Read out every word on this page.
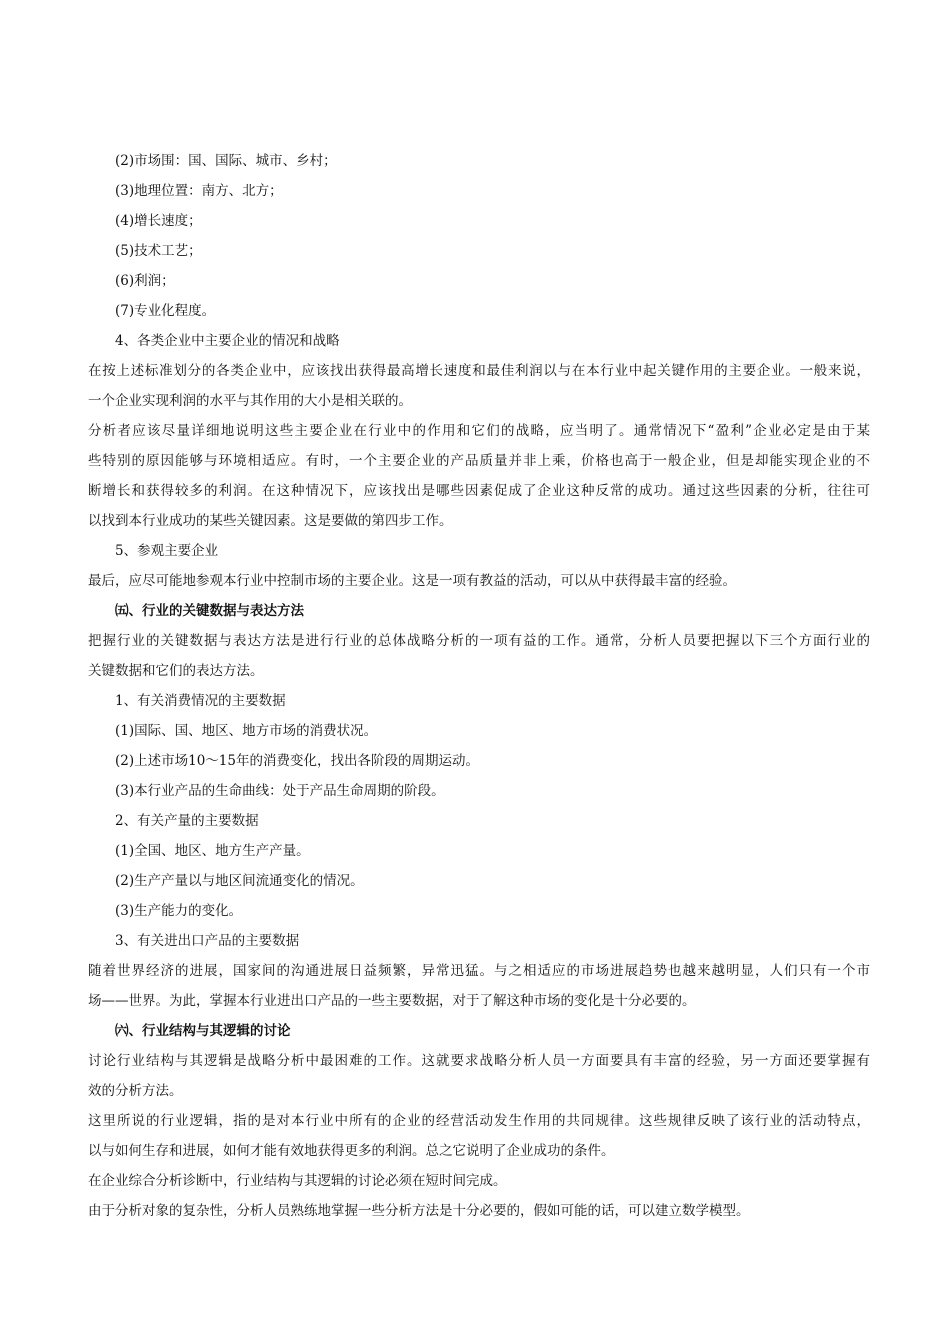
(2)市场围：国、国际、城市、乡村；
(3)地理位置：南方、北方；
(4)增长速度；
(5)技术工艺；
(6)利润；
(7)专业化程度。
4、各类企业中主要企业的情况和战略
在按上述标准划分的各类企业中，应该找出获得最高增长速度和最佳利润以与在本行业中起关键作用的主要企业。一般来说，
一个企业实现利润的水平与其作用的大小是相关联的。
分析者应该尽量详细地说明这些主要企业在行业中的作用和它们的战略，应当明了。通常情况下“盈利”企业必定是由于某
些特别的原因能够与环境相适应。有时，一个主要企业的产品质量并非上乘，价格也高于一般企业，但是却能实现企业的不
断增长和获得较多的利润。在这种情况下，应该找出是哪些因素促成了企业这种反常的成功。通过这些因素的分析，往往可
以找到本行业成功的某些关键因素。这是要做的第四步工作。
5、参观主要企业
最后，应尽可能地参观本行业中控制市场的主要企业。这是一项有教益的活动，可以从中获得最丰富的经验。
㈤、行业的关键数据与表达方法
把握行业的关键数据与表达方法是进行行业的总体战略分析的一项有益的工作。通常，分析人员要把握以下三个方面行业的
关键数据和它们的表达方法。
1、有关消费情况的主要数据
(1)国际、国、地区、地方市场的消费状况。
(2)上述市场10～15年的消费变化，找出各阶段的周期运动。
(3)本行业产品的生命曲线：处于产品生命周期的阶段。
2、有关产量的主要数据
(1)全国、地区、地方生产产量。
(2)生产产量以与地区间流通变化的情况。
(3)生产能力的变化。
3、有关进出口产品的主要数据
随着世界经济的进展，国家间的沟通进展日益频繁，异常迅猛。与之相适应的市场进展趋势也越来越明显，人们只有一个市
场——世界。为此，掌握本行业进出口产品的一些主要数据，对于了解这种市场的变化是十分必要的。
㈥、行业结构与其逻辑的讨论
讨论行业结构与其逻辑是战略分析中最困难的工作。这就要求战略分析人员一方面要具有丰富的经验，另一方面还要掌握有
效的分析方法。
这里所说的行业逻辑，指的是对本行业中所有的企业的经营活动发生作用的共同规律。这些规律反映了该行业的活动特点，
以与如何生存和进展，如何才能有效地获得更多的利润。总之它说明了企业成功的条件。
在企业综合分析诊断中，行业结构与其逻辑的讨论必须在短时间完成。
由于分析对象的复杂性，分析人员熟练地掌握一些分析方法是十分必要的，假如可能的话，可以建立数学模型。
